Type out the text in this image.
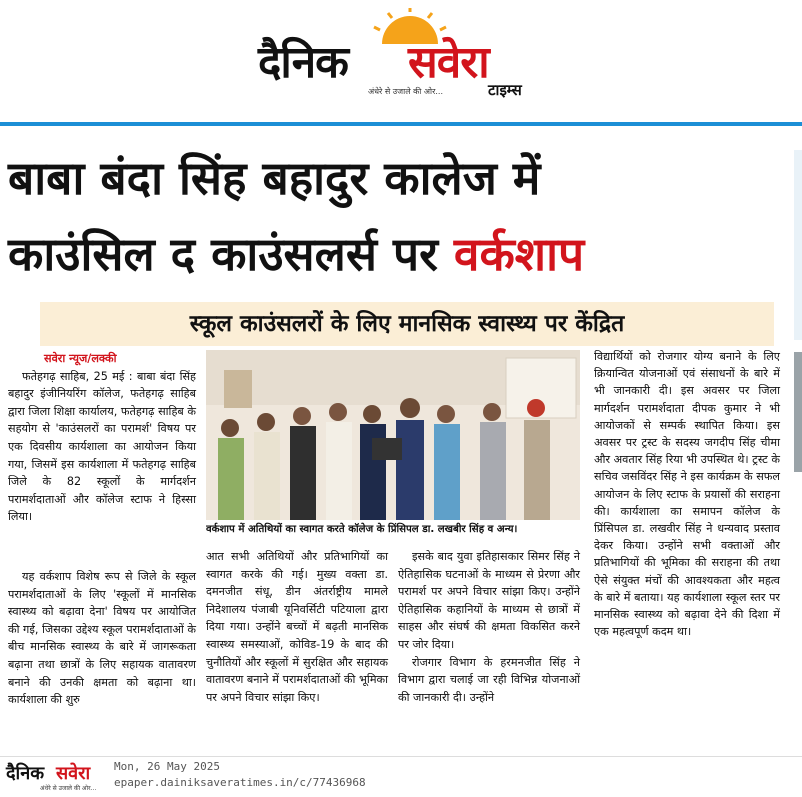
दैनिक सवेरा
अंधेरे से उजाले की ओर...	टाइम्स
बाबा बंदा सिंह बहादुर कालेज में
काउंसिल द काउंसलर्स पर वर्कशाप
स्कूल काउंसलरों के लिए मानसिक स्वास्थ्य पर केंद्रित
सवेरा न्यूज/लक्की
फतेहगढ़ साहिब, 25 मई : बाबा बंदा सिंह बहादुर इंजीनियरिंग कॉलेज, फतेहगढ़ साहिब द्वारा जिला शिक्षा कार्यालय, फतेहगढ़ साहिब के सहयोग से 'काउंसलरों का परामर्श' विषय पर एक दिवसीय कार्यशाला का आयोजन किया गया, जिसमें इस कार्यशाला में फतेहगढ़ साहिब जिले के 82 स्कूलों के मार्गदर्शन परामर्शदाताओं और कॉलेज स्टाफ ने हिस्सा लिया।
यह वर्कशाप विशेष रूप से जिले के स्कूल परामर्शदाताओं के लिए 'स्कूलों में मानसिक स्वास्थ्य को बढ़ावा देना' विषय पर आयोजित की गई, जिसका उद्देश्य स्कूल परामर्शदाताओं के बीच मानसिक स्वास्थ्य के बारे में जागरूकता बढ़ाना तथा छात्रों के लिए सहायक वातावरण बनाने की उनकी क्षमता को बढ़ाना था। कार्यशाला की शुरु
वर्कशाप में अतिथियों का स्वागत करते कॉलेज के प्रिंसिपल डा. लखबीर सिंह व अन्य।
आत सभी अतिथियों और प्रतिभागियों का स्वागत करके की गई। मुख्य वक्ता डा. दमनजीत संधू, डीन अंतर्राष्ट्रीय मामले निदेशालय पंजाबी यूनिवर्सिटी पटियाला द्वारा दिया गया। उन्होंने बच्चों में बढ़ती मानसिक स्वास्थ्य समस्याओं, कोविड-19 के बाद की चुनौतियों और स्कूलों में सुरक्षित और सहायक वातावरण बनाने में परामर्शदाताओं की भूमिका पर अपने विचार सांझा किए।
इसके बाद युवा इतिहासकार सिमर सिंह ने ऐतिहासिक घटनाओं के माध्यम से प्रेरणा और परामर्श पर अपने विचार सांझा किए। उन्होंने ऐतिहासिक कहानियों के माध्यम से छात्रों में साहस और संघर्ष की क्षमता विकसित करने पर जोर दिया।
रोजगार विभाग के हरमनजीत सिंह ने विभाग द्वारा चलाई जा रही विभिन्न योजनाओं की जानकारी दी। उन्होंने
विद्यार्थियों को रोजगार योग्य बनाने के लिए क्रियान्वित योजनाओं एवं संसाधनों के बारे में भी जानकारी दी। इस अवसर पर जिला मार्गदर्शन परामर्शदाता दीपक कुमार ने भी आयोजकों से सम्पर्क स्थापित किया। इस अवसर पर ट्रस्ट के सदस्य जगदीप सिंह चीमा और अवतार सिंह रिया भी उपस्थित थे। ट्रस्ट के सचिव जसविंदर सिंह ने इस कार्यक्रम के सफल आयोजन के लिए स्टाफ के प्रयासों की सराहना की। कार्यशाला का समापन कॉलेज के प्रिंसिपल डा. लखवीर सिंह ने धन्यवाद प्रस्ताव देकर किया। उन्होंने सभी वक्ताओं और प्रतिभागियों की भूमिका की सराहना की तथा ऐसे संयुक्त मंचों की आवश्यकता और महत्व के बारे में बताया। यह कार्यशाला स्कूल स्तर पर मानसिक स्वास्थ्य को बढ़ावा देने की दिशा में एक महत्वपूर्ण कदम था।
दैनिक सवेरा
अंधेरे से उजाले की ओर...
Mon, 26 May 2025
epaper.dainiksaveratimes.in/c/77436968
